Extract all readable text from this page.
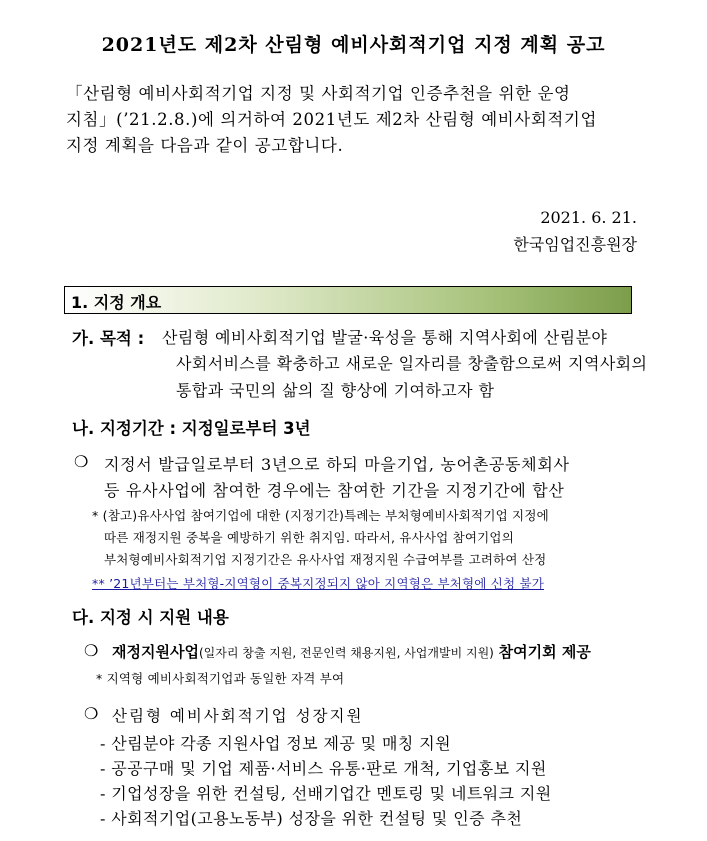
2021년도 제2차 산림형 예비사회적기업 지정 계획 공고
「산림형 예비사회적기업 지정 및 사회적기업 인증추천을 위한 운영
지침」(’21.2.8.)에 의거하여 2021년도 제2차 산림형 예비사회적기업
지정 계획을 다음과 같이 공고합니다.
2021. 6. 21.
한국임업진흥원장
1. 지정 개요
가. 목적 : 산림형 예비사회적기업 발굴·육성을 통해 지역사회에 산림분야
사회서비스를 확충하고 새로운 일자리를 창출함으로써 지역사회의
통합과 국민의 삶의 질 향상에 기여하고자 함
나. 지정기간 : 지정일로부터 3년
❍ 지정서 발급일로부터 3년으로 하되 마을기업, 농어촌공동체회사
등 유사사업에 참여한 경우에는 참여한 기간을 지정기간에 합산
* (참고)유사사업 참여기업에 대한 (지정기간)특례는 부처형예비사회적기업 지정에
따른 재정지원 중복을 예방하기 위한 취지임. 따라서, 유사사업 참여기업의
부처형예비사회적기업 지정기간은 유사사업 재정지원 수급여부를 고려하여 산정
** ’21년부터는 부처형-지역형이 중복지정되지 않아 지역형은 부처형에 신청 불가
다. 지정 시 지원 내용
❍ 재정지원사업(일자리 창출 지원, 전문인력 채용지원, 사업개발비 지원) 참여기회 제공
* 지역형 예비사회적기업과 동일한 자격 부여
❍ 산림형 예비사회적기업 성장지원
- 산림분야 각종 지원사업 정보 제공 및 매칭 지원
- 공공구매 및 기업 제품·서비스 유통·판로 개척, 기업홍보 지원
- 기업성장을 위한 컨설팅, 선배기업간 멘토링 및 네트워크 지원
- 사회적기업(고용노동부) 성장을 위한 컨설팅 및 인증 추천
